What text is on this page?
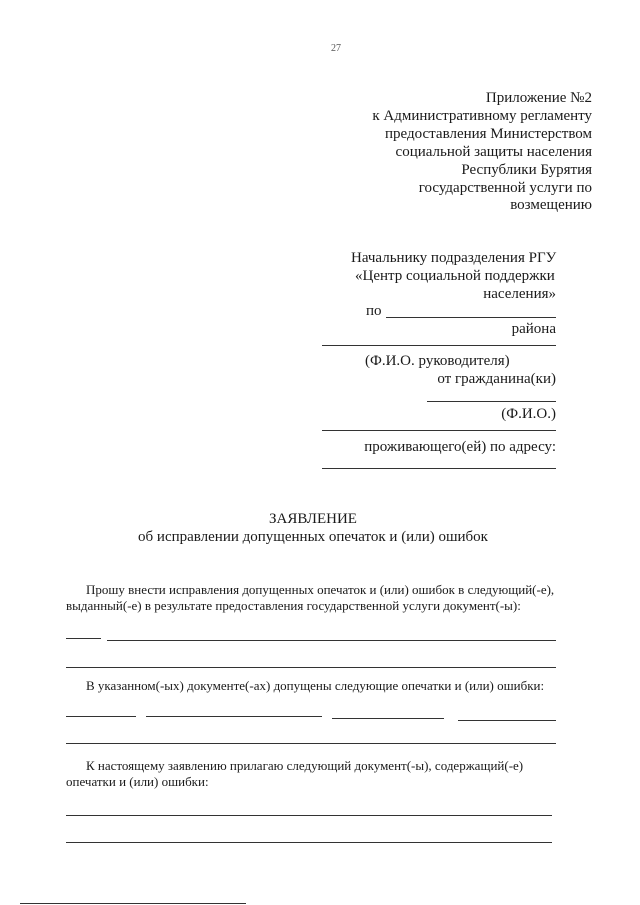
27
Приложение №2
к Административному регламенту
предоставления Министерством
социальной защиты населения
Республики Бурятия
государственной услуги по
возмещению
Начальнику подразделения РГУ
«Центр социальной поддержки
населения»
по
района
(Ф.И.О. руководителя)
от гражданина(ки)
(Ф.И.О.)
проживающего(ей) по адресу:
ЗАЯВЛЕНИЕ
об исправлении допущенных опечаток и (или) ошибок
Прошу внести исправления допущенных опечаток и (или) ошибок в следующий(-е),
выданный(-е) в результате предоставления государственной услуги документ(-ы):
В указанном(-ых) документе(-ах) допущены следующие опечатки и (или) ошибки:
К настоящему заявлению прилагаю следующий документ(-ы), содержащий(-е)
опечатки и (или) ошибки:
